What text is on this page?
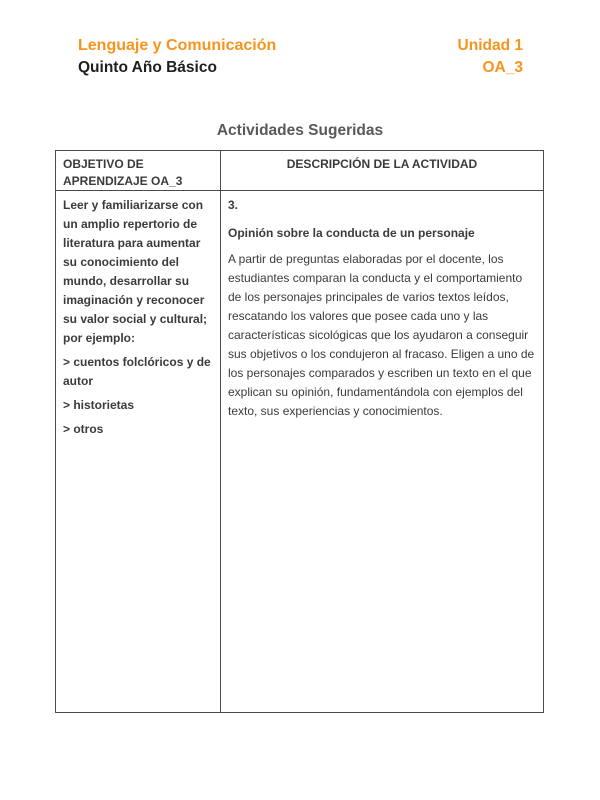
Lenguaje y Comunicación
Quinto Año Básico
Unidad 1
OA_3
Actividades Sugeridas
OBJETIVO DE APRENDIZAJE OA_3
DESCRIPCIÓN DE LA ACTIVIDAD
Leer y familiarizarse con un amplio repertorio de literatura para aumentar su conocimiento del mundo, desarrollar su imaginación y reconocer su valor social y cultural; por ejemplo:
> cuentos folclóricos y de autor
> historietas
> otros
3.
Opinión sobre la conducta de un personaje
A partir de preguntas elaboradas por el docente, los estudiantes comparan la conducta y el comportamiento de los personajes principales de varios textos leídos, rescatando los valores que posee cada uno y las características sicológicas que los ayudaron a conseguir sus objetivos o los condujeron al fracaso. Eligen a uno de los personajes comparados y escriben un texto en el que explican su opinión, fundamentándola con ejemplos del texto, sus experiencias y conocimientos.
